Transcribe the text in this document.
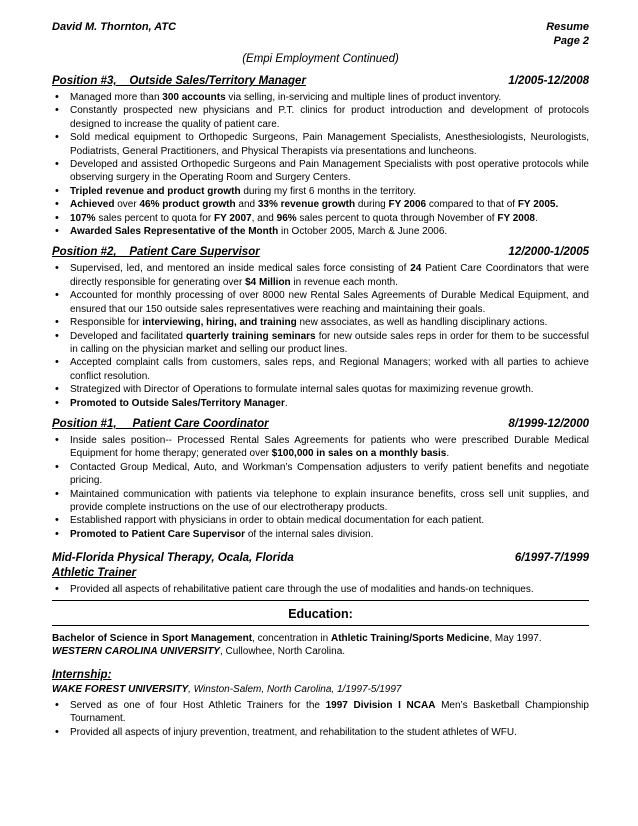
David M. Thornton, ATC	Resume
Page 2
(Empi Employment Continued)
Position #3,    Outside Sales/Territory Manager	1/2005-12/2008
• Managed more than 300 accounts via selling, in-servicing and multiple lines of product inventory.
• Constantly prospected new physicians and P.T. clinics for product introduction and development of protocols designed to increase the quality of patient care.
• Sold medical equipment to Orthopedic Surgeons, Pain Management Specialists, Anesthesiologists, Neurologists, Podiatrists, General Practitioners, and Physical Therapists via presentations and luncheons.
• Developed and assisted Orthopedic Surgeons and Pain Management Specialists with post operative protocols while observing surgery in the Operating Room and Surgery Centers.
• Tripled revenue and product growth during my first 6 months in the territory.
• Achieved over 46% product growth and 33% revenue growth during FY 2006 compared to that of FY 2005.
• 107% sales percent to quota for FY 2007, and 96% sales percent to quota through November of FY 2008.
• Awarded Sales Representative of the Month in October 2005, March & June 2006.
Position #2,    Patient Care Supervisor	12/2000-1/2005
• Supervised, led, and mentored an inside medical sales force consisting of 24 Patient Care Coordinators that were directly responsible for generating over $4 Million in revenue each month.
• Accounted for monthly processing of over 8000 new Rental Sales Agreements of Durable Medical Equipment, and ensured that our 150 outside sales representatives were reaching and maintaining their goals.
• Responsible for interviewing, hiring, and training new associates, as well as handling disciplinary actions.
• Developed and facilitated quarterly training seminars for new outside sales reps in order for them to be successful in calling on the physician market and selling our product lines.
• Accepted complaint calls from customers, sales reps, and Regional Managers; worked with all parties to achieve conflict resolution.
• Strategized with Director of Operations to formulate internal sales quotas for maximizing revenue growth.
• Promoted to Outside Sales/Territory Manager.
Position #1,     Patient Care Coordinator	8/1999-12/2000
• Inside sales position-- Processed Rental Sales Agreements for patients who were prescribed Durable Medical Equipment for home therapy; generated over $100,000 in sales on a monthly basis.
• Contacted Group Medical, Auto, and Workman’s Compensation adjusters to verify patient benefits and negotiate pricing.
• Maintained communication with patients via telephone to explain insurance benefits, cross sell unit supplies, and provide complete instructions on the use of our electrotherapy products.
• Established rapport with physicians in order to obtain medical documentation for each patient.
• Promoted to Patient Care Supervisor of the internal sales division.
Mid-Florida Physical Therapy, Ocala, Florida	6/1997-7/1999
Athletic Trainer
• Provided all aspects of rehabilitative patient care through the use of modalities and hands-on techniques.
Education:
Bachelor of Science in Sport Management, concentration in Athletic Training/Sports Medicine, May 1997.
WESTERN CAROLINA UNIVERSITY, Cullowhee, North Carolina.
Internship:
WAKE FOREST UNIVERSITY, Winston-Salem, North Carolina, 1/1997-5/1997
• Served as one of four Host Athletic Trainers for the 1997 Division I NCAA Men’s Basketball Championship Tournament.
• Provided all aspects of injury prevention, treatment, and rehabilitation to the student athletes of WFU.
